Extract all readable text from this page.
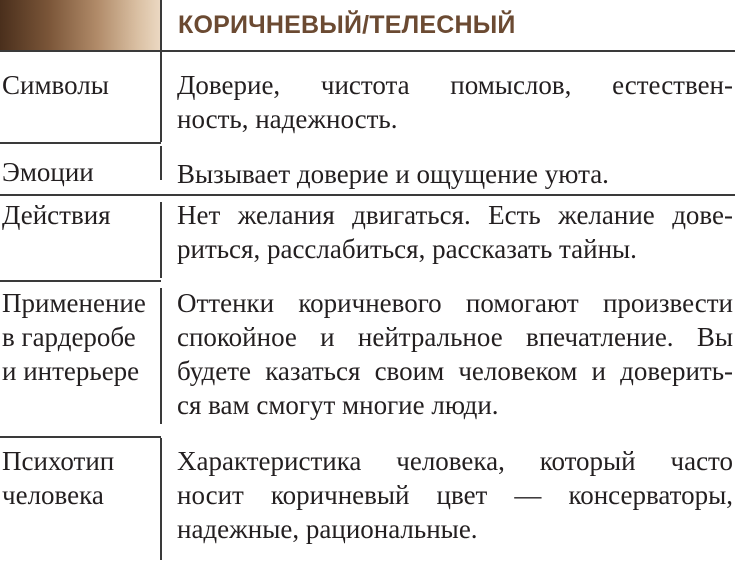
КОРИЧНЕВЫЙ/ТЕЛЕСНЫЙ
Символы	Доверие, чистота помыслов, естествен-
ность, надежность.
Эмоции	Вызывает доверие и ощущение уюта.
Действия Нет желания двигаться. Есть желание дове-
риться, расслабиться, рассказать тайны.
Применение
в гардеробе
и интерьере
Оттенки коричневого помогают произвести
спокойное и нейтральное впечатление. Вы
будете казаться своим человеком и доверить-
ся вам смогут многие люди.
Психотип
человека
Характеристика человека, который часто
носит коричневый цвет — консерваторы,
надежные, рациональные.
